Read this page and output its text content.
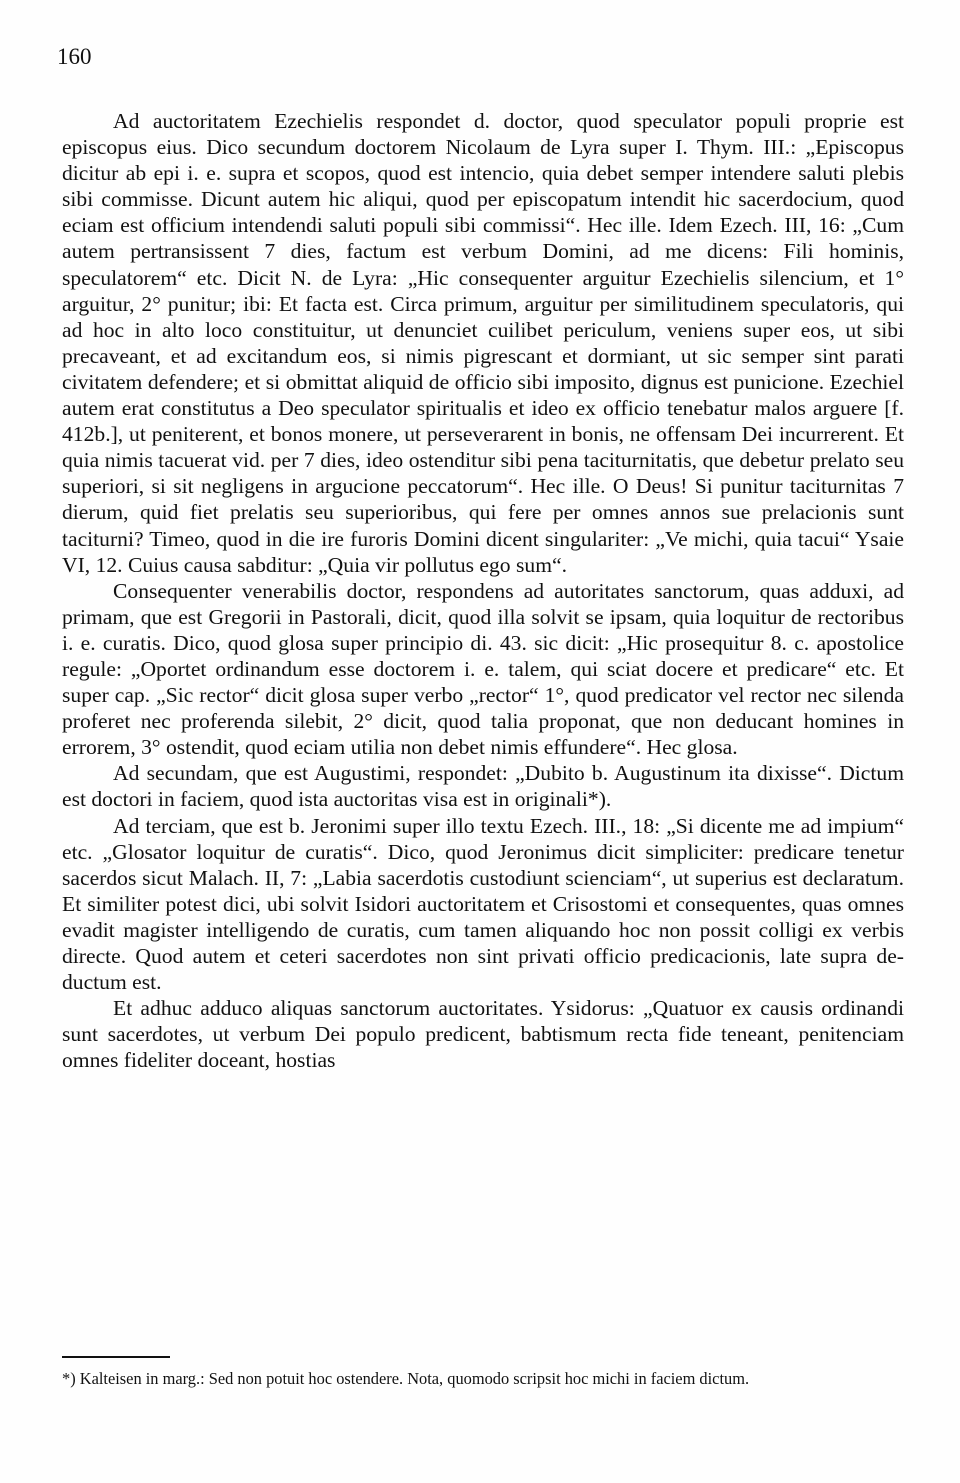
160

Ad auctoritatem Ezechielis respondet d. doctor, quod speculator populi proprie est episcopus eius. Dico secundum doctorem Nicolaum de Lyra super I. Thym. III.: „Episcopus dicitur ab epi i. e. supra et scopos, quod est intencio, quia debet semper intendere saluti plebis sibi commisse. Dicunt autem hic aliqui, quod per episcopatum intendit hic sacerdocium, quod eciam est officium intendendi saluti populi sibi commissi“. Hec ille. Idem Ezech. III, 16: „Cum autem pertransissent 7 dies, factum est verbum Domini, ad me dicens: Fili hominis, speculatorem“ etc. Dicit N. de Lyra: „Hic consequenter arguitur Ezechielis silencium, et 1° arguitur, 2° punitur; ibi: Et facta est. Circa primum, arguitur per similitudinem speculatoris, qui ad hoc in alto loco constituitur, ut denunciet cuilibet periculum, veniens super eos, ut sibi precaveant, et ad excitandum eos, si nimis pigrescant et dormiant, ut sic semper sint parati civitatem defendere; et si obmittat aliquid de officio sibi imposito, dignus est punicione. Ezechiel autem erat constitutus a Deo speculator spiritualis et ideo ex officio tenebatur malos arguere [f. 412b.], ut peniterent, et bonos monere, ut perseverarent in bonis, ne offensam Dei incurrerent. Et quia nimis tacuerat vid. per 7 dies, ideo ostenditur sibi pena taciturnitatis, que debetur prelato seu superiori, si sit negligens in argucione peccatorum“. Hec ille. O Deus! Si punitur taciturnitas 7 dierum, quid fiet prelatis seu superioribus, qui fere per omnes annos sue prelacionis sunt taciturni? Timeo, quod in die ire furoris Domini dicent singulariter: „Ve michi, quia tacui“ Ysaie VI, 12. Cuius causa sabditur: „Quia vir pollutus ego sum“.

Consequenter venerabilis doctor, respondens ad autoritates sanctorum, quas adduxi, ad primam, que est Gregorii in Pastorali, dicit, quod illa solvit se ipsam, quia loquitur de rectoribus i. e. curatis. Dico, quod glosa super principio di. 43. sic dicit: „Hic prosequitur 8. c. apostolice regule: „Oportet ordinandum esse doctorem i. e. talem, qui sciat docere et predicare“ etc. Et super cap. „Sic rector“ dicit glosa super verbo „rector“ 1°, quod predicator vel rector nec silenda proferet nec proferenda silebit, 2° dicit, quod talia proponat, que non deducant homines in errorem, 3° ostendit, quod eciam utilia non debet nimis effundere“. Hec glosa.

Ad secundam, que est Augustimi, respondet: „Dubito b. Augustinum ita dixisse“. Dictum est doctori in faciem, quod ista auctoritas visa est in originali*).

Ad terciam, que est b. Jeronimi super illo textu Ezech. III., 18: „Si dicente me ad impium“ etc. „Glosator loquitur de curatis“. Dico, quod Jeronimus dicit simpliciter: predicare tenetur sacerdos sicut Malach. II, 7: „Labia sacerdotis custodiunt scienciam“, ut superius est declaratum. Et similiter potest dici, ubi solvit Isidori auctoritatem et Crisostomi et consequentes, quas omnes evadit magister intelligendo de curatis, cum tamen aliquando hoc non possit colligi ex verbis directe. Quod autem et ceteri sacerdotes non sint privati officio predicacionis, late supra deductum est.

Et adhuc adduco aliquas sanctorum auctoritates. Ysidorus: „Quatuor ex causis ordinandi sunt sacerdotes, ut verbum Dei populo predicent, babtismum recta fide teneant, penitenciam omnes fideliter doceant, hostias

*) Kalteisen in marg.: Sed non potuit hoc ostendere. Nota, quomodo scripsit hoc michi in faciem dictum.
